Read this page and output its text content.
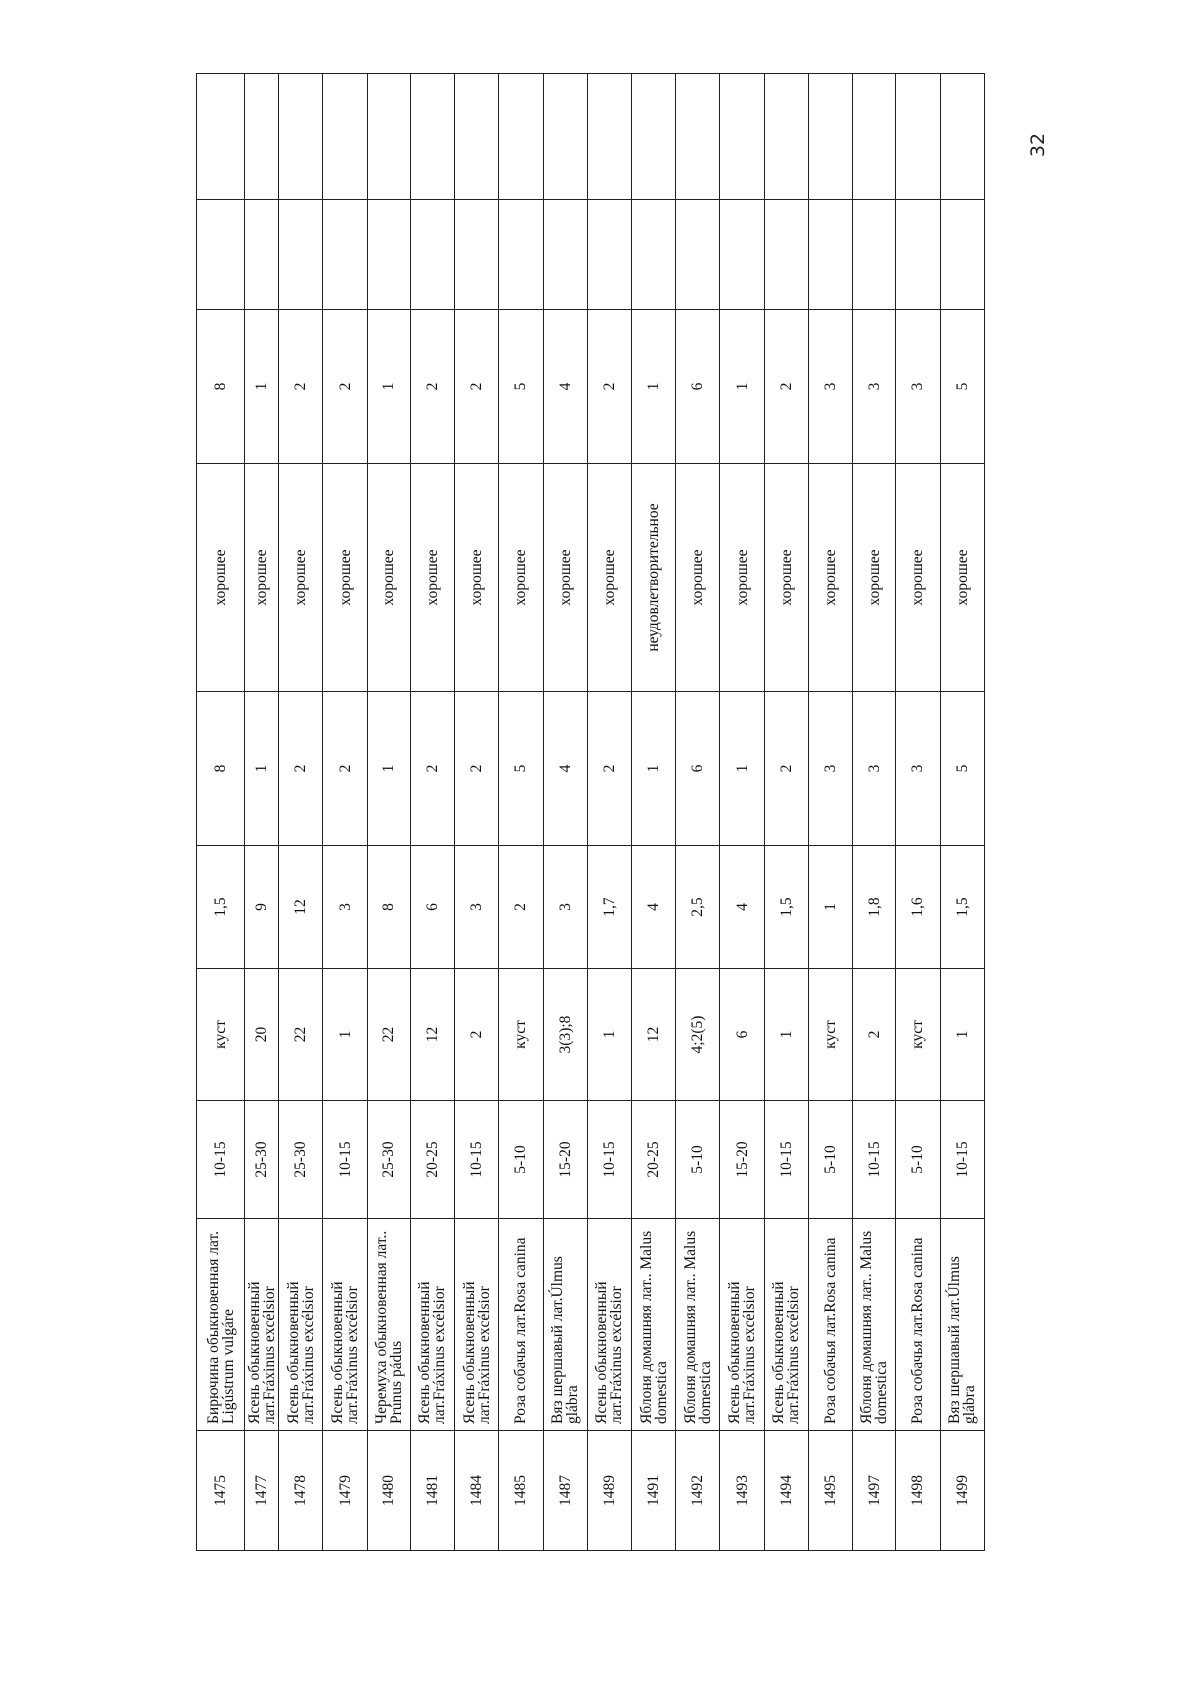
1475	Бирючина обыкновенная лат. Ligústrum vulgáre	10-15	куст	1,5	8	хорошее	8		
1477	Ясень обыкновенный лат.Fráxinus excélsior	25-30	20	9	1	хорошее	1		
1478	Ясень обыкновенный лат.Fráxinus excélsior	25-30	22	12	2	хорошее	2		
1479	Ясень обыкновенный лат.Fráxinus excélsior	10-15	1	3	2	хорошее	2		
1480	Черемуха обыкновенная лат.. Prúnus pádus	25-30	22	8	1	хорошее	1		
1481	Ясень обыкновенный лат.Fráxinus excélsior	20-25	12	6	2	хорошее	2		
1484	Ясень обыкновенный лат.Fráxinus excélsior	10-15	2	3	2	хорошее	2		
1485	Роза собачья лат.Rosa canina	5-10	куст	2	5	хорошее	5		
1487	Вяз шершавый лат.Úlmus glábra	15-20	3(3);8	3	4	хорошее	4		
1489	Ясень обыкновенный лат.Fráxinus excélsior	10-15	1	1,7	2	хорошее	2		
1491	Яблоня домашняя лат.. Malus domestica	20-25	12	4	1	неудовлетворительное	1		
1492	Яблоня домашняя лат.. Malus domestica	5-10	4;2(5)	2,5	6	хорошее	6		
1493	Ясень обыкновенный лат.Fráxinus excélsior	15-20	6	4	1	хорошее	1		
1494	Ясень обыкновенный лат.Fráxinus excélsior	10-15	1	1,5	2	хорошее	2		
1495	Роза собачья лат.Rosa canina	5-10	куст	1	3	хорошее	3		
1497	Яблоня домашняя лат.. Malus domestica	10-15	2	1,8	3	хорошее	3		
1498	Роза собачья лат.Rosa canina	5-10	куст	1,6	3	хорошее	3		
1499	Вяз шершавый лат.Úlmus glábra	10-15	1	1,5	5	хорошее	5		
32
